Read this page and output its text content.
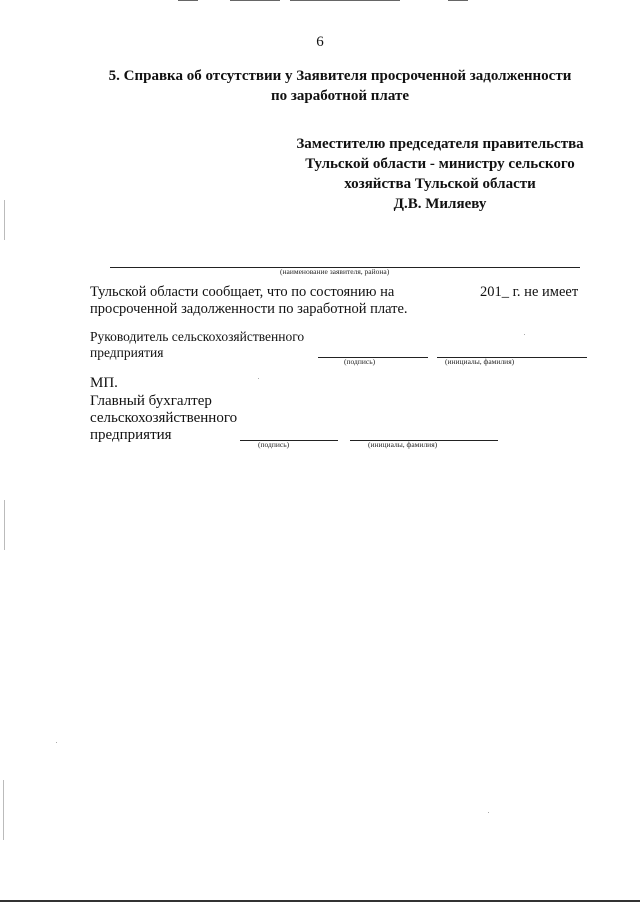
6
5. Справка об отсутствии у Заявителя просроченной задолженности
по заработной плате
Заместителю председателя правительства
Тульской области - министру сельского
хозяйства Тульской области
Д.В. Миляеву
(наименование заявителя, района)
Тульской области сообщает, что по состоянию на	201_ г. не имеет
просроченной задолженности по заработной плате.
Руководитель сельскохозяйственного
предприятия
(подпись)	(инициалы, фамилия)
МП.
Главный бухгалтер
сельскохозяйственного
предприятия
(подпись)	(инициалы, фамилия)
